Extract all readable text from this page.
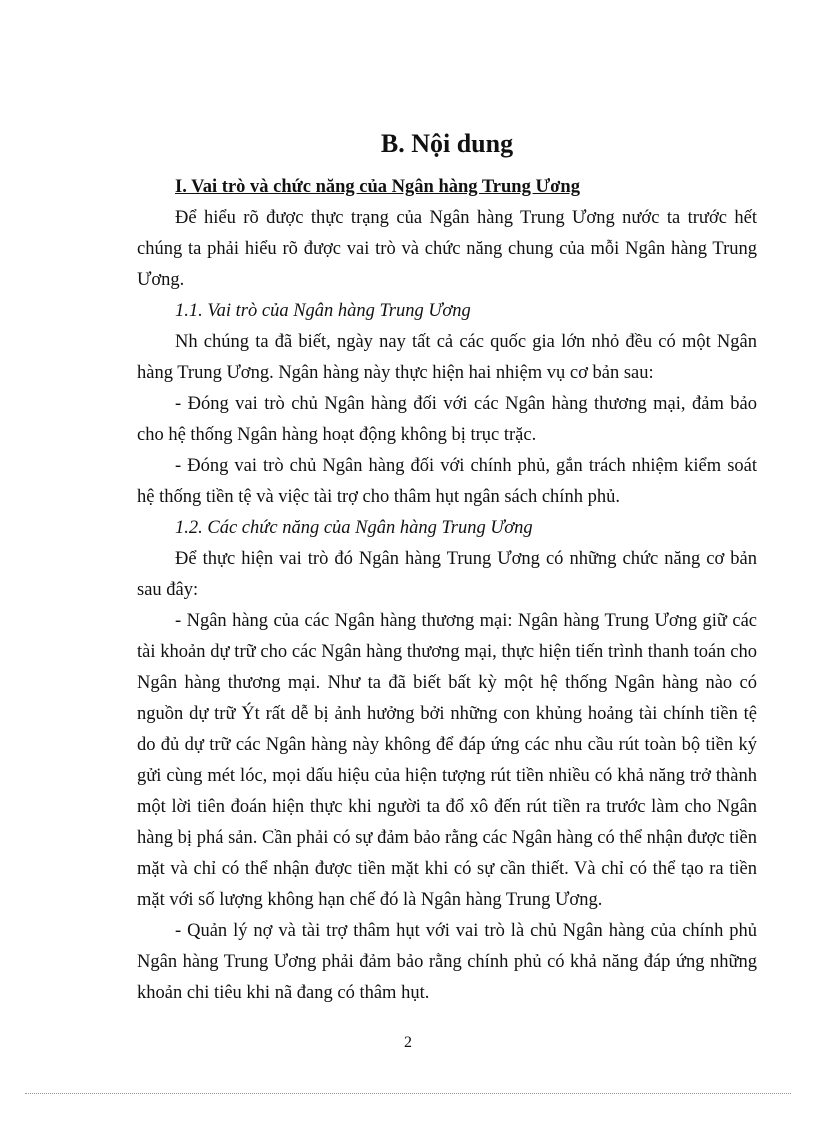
B. Nội dung

I. Vai trò và chức năng của Ngân hàng Trung Ương

Để hiểu rõ được thực trạng của Ngân hàng Trung Ương nước ta trước hết chúng ta phải hiểu rõ được vai trò và chức năng chung của mỗi Ngân hàng Trung Ương.

1.1. Vai trò của Ngân hàng Trung Ương

Nh chúng ta đã biết, ngày nay tất cả các quốc gia lớn nhỏ đều có một Ngân hàng Trung Ương. Ngân hàng này thực hiện hai nhiệm vụ cơ bản sau:

- Đóng vai trò chủ Ngân hàng đối với các Ngân hàng thương mại, đảm bảo cho hệ thống Ngân hàng hoạt động không bị trục trặc.

- Đóng vai trò chủ Ngân hàng đối với chính phủ, gắn trách nhiệm kiểm soát hệ thống tiền tệ và việc tài trợ cho thâm hụt ngân sách chính phủ.

1.2. Các chức năng của Ngân hàng Trung Ương

Để thực hiện vai trò đó Ngân hàng Trung Ương có những chức năng cơ bản sau đây:

- Ngân hàng của các Ngân hàng thương mại: Ngân hàng Trung Ương giữ các tài khoản dự trữ cho các Ngân hàng thương mại, thực hiện tiến trình thanh toán cho Ngân hàng thương mại. Như ta đã biết bất kỳ một hệ thống Ngân hàng nào có nguồn dự trữ Ýt rất dễ bị ảnh hưởng bởi những con khủng hoảng tài chính tiền tệ do đủ dự trữ các Ngân hàng này không để đáp ứng các nhu cầu rút toàn bộ tiền ký gửi cùng mét lóc, mọi dấu hiệu của hiện tượng rút tiền nhiều có khả năng trở thành một lời tiên đoán hiện thực khi người ta đổ xô đến rút tiền ra trước làm cho Ngân hàng bị phá sản. Cần phải có sự đảm bảo rằng các Ngân hàng có thể nhận được tiền mặt và chỉ có thể nhận được tiền mặt khi có sự cần thiết. Và chỉ có thể tạo ra tiền mặt với số lượng không hạn chế đó là Ngân hàng Trung Ương.

- Quản lý nợ và tài trợ thâm hụt với vai trò là chủ Ngân hàng của chính phủ Ngân hàng Trung Ương phải đảm bảo rằng chính phủ có khả năng đáp ứng những khoản chi tiêu khi nã đang có thâm hụt.

2
